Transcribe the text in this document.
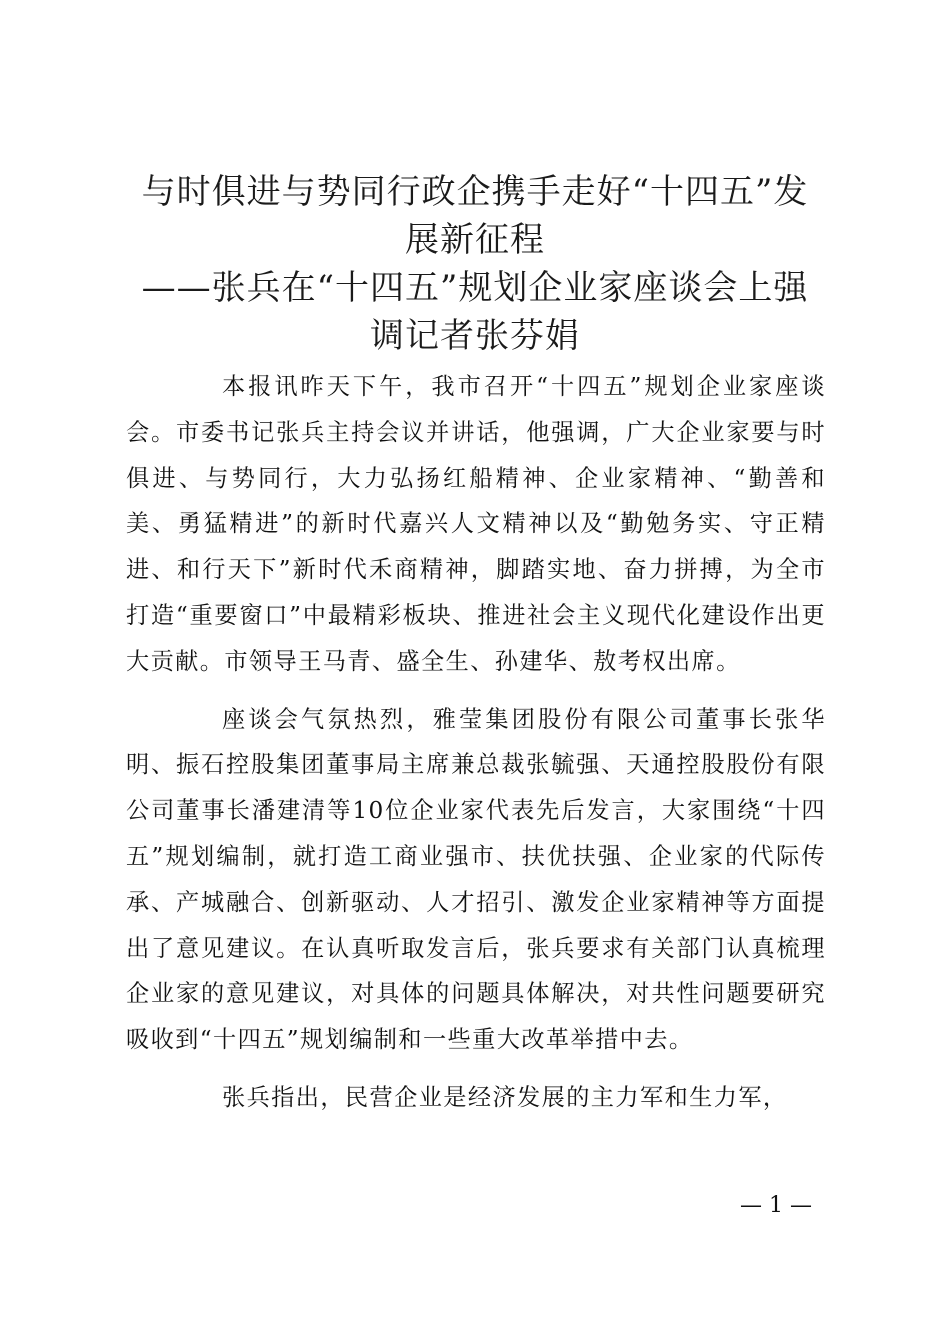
与时俱进与势同行政企携手走好“十四五”发
展新征程
——张兵在“十四五”规划企业家座谈会上强
调记者张芬娟

本报讯昨天下午，我市召开“十四五”规划企业家座谈会。市委书记张兵主持会议并讲话，他强调，广大企业家要与时俱进、与势同行，大力弘扬红船精神、企业家精神、“勤善和美、勇猛精进”的新时代嘉兴人文精神以及“勤勉务实、守正精进、和行天下”新时代禾商精神，脚踏实地、奋力拼搏，为全市打造“重要窗口”中最精彩板块、推进社会主义现代化建设作出更大贡献。市领导王马青、盛全生、孙建华、敖考权出席。

座谈会气氛热烈，雅莹集团股份有限公司董事长张华明、振石控股集团董事局主席兼总裁张毓强、天通控股股份有限公司董事长潘建清等10位企业家代表先后发言，大家围绕“十四五”规划编制，就打造工商业强市、扶优扶强、企业家的代际传承、产城融合、创新驱动、人才招引、激发企业家精神等方面提出了意见建议。在认真听取发言后，张兵要求有关部门认真梳理企业家的意见建议，对具体的问题具体解决，对共性问题要研究吸收到“十四五”规划编制和一些重大改革举措中去。

张兵指出，民营企业是经济发展的主力军和生力军，

— 1 —
